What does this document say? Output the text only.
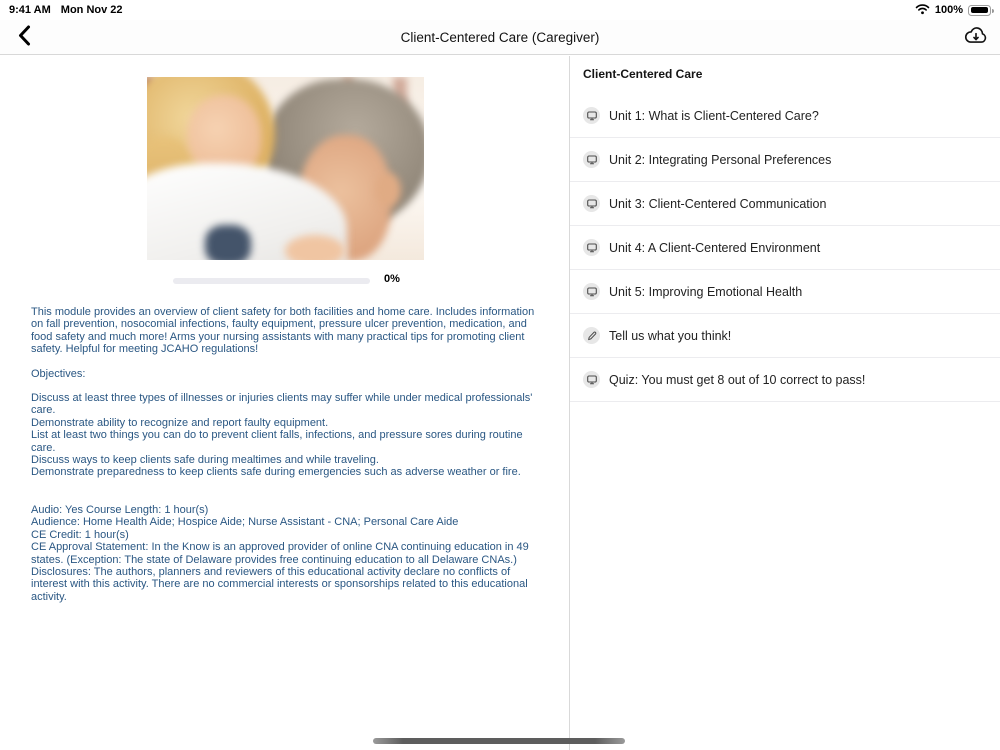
9:41 AM Mon Nov 22	100%
Client-Centered Care (Caregiver)
0%
This module provides an overview of client safety for both facilities and home care. Includes information on fall prevention, nosocomial infections, faulty equipment, pressure ulcer prevention, medication, and food safety and much more! Arms your nursing assistants with many practical tips for promoting client safety. Helpful for meeting JCAHO regulations!
Objectives:
Discuss at least three types of illnesses or injuries clients may suffer while under medical professionals' care.
Demonstrate ability to recognize and report faulty equipment.
List at least two things you can do to prevent client falls, infections, and pressure sores during routine care.
Discuss ways to keep clients safe during mealtimes and while traveling.
Demonstrate preparedness to keep clients safe during emergencies such as adverse weather or fire.
Audio: Yes Course Length: 1 hour(s)
Audience: Home Health Aide; Hospice Aide; Nurse Assistant - CNA; Personal Care Aide
CE Credit: 1 hour(s)
CE Approval Statement: In the Know is an approved provider of online CNA continuing education in 49 states. (Exception: The state of Delaware provides free continuing education to all Delaware CNAs.)
Disclosures: The authors, planners and reviewers of this educational activity declare no conflicts of interest with this activity. There are no commercial interests or sponsorships related to this educational activity.
Client-Centered Care
Unit 1: What is Client-Centered Care?
Unit 2: Integrating Personal Preferences
Unit 3: Client-Centered Communication
Unit 4: A Client-Centered Environment
Unit 5: Improving Emotional Health
Tell us what you think!
Quiz: You must get 8 out of 10 correct to pass!
